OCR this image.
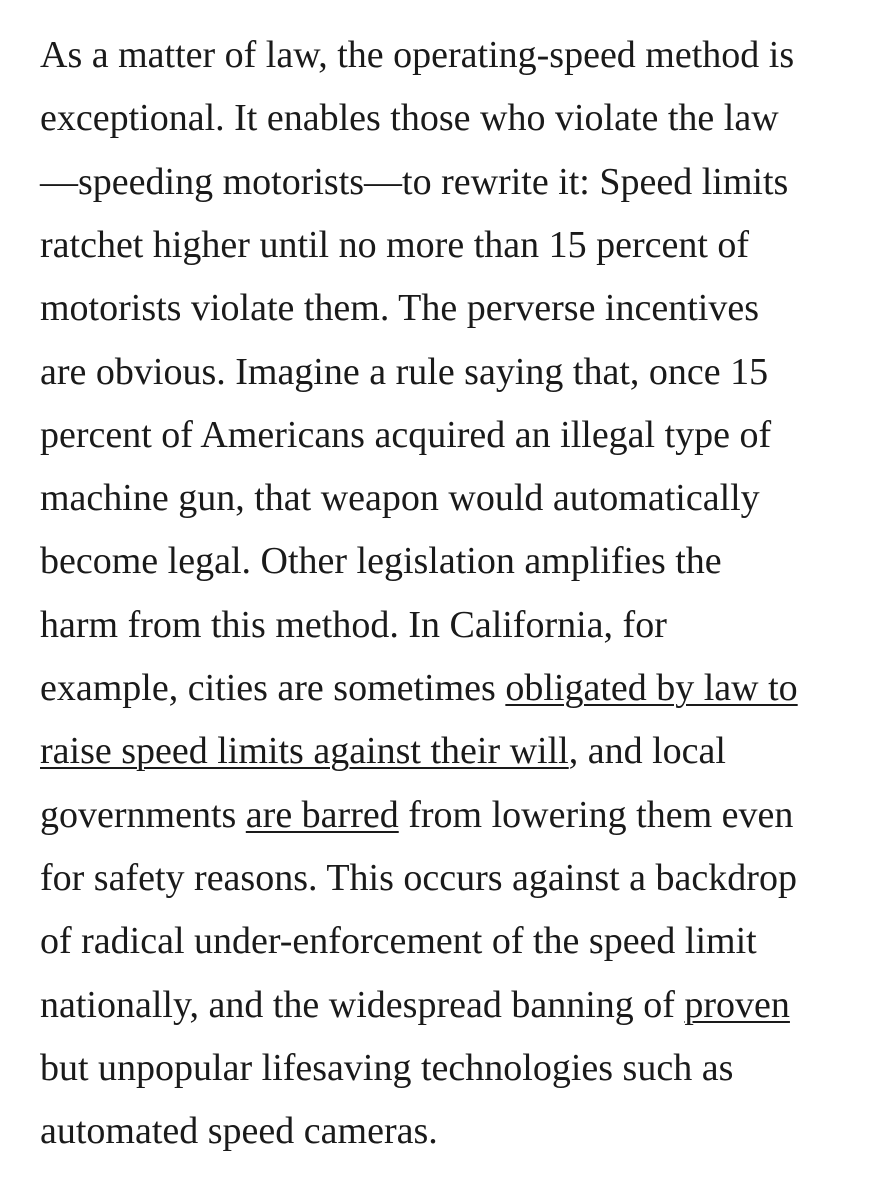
As a matter of law, the operating-speed method is
exceptional. It enables those who violate the law
—speeding motorists—to rewrite it: Speed limits
ratchet higher until no more than 15 percent of
motorists violate them. The perverse incentives
are obvious. Imagine a rule saying that, once 15
percent of Americans acquired an illegal type of
machine gun, that weapon would automatically
become legal. Other legislation amplifies the
harm from this method. In California, for
example, cities are sometimes obligated by law to
raise speed limits against their will, and local
governments are barred from lowering them even
for safety reasons. This occurs against a backdrop
of radical under-enforcement of the speed limit
nationally, and the widespread banning of proven
but unpopular lifesaving technologies such as
automated speed cameras.
